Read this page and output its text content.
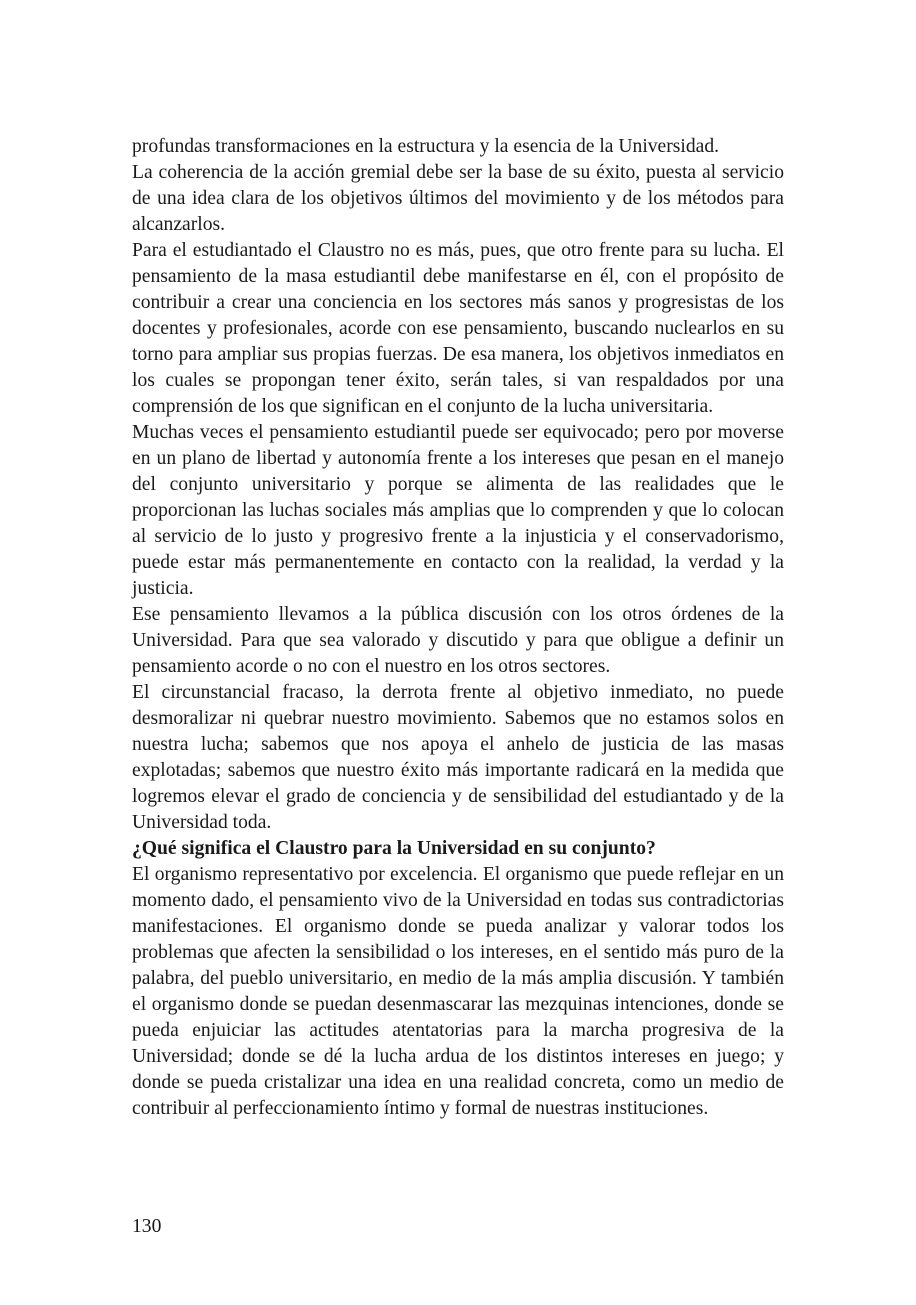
profundas transformaciones en la estructura y la esencia de la Universidad.

La coherencia de la acción gremial debe ser la base de su éxito, puesta al servicio de una idea clara de los objetivos últimos del movimiento y de los métodos para alcanzarlos.

Para el estudiantado el Claustro no es más, pues, que otro frente para su lucha. El pensamiento de la masa estudiantil debe manifestarse en él, con el propósito de contribuir a crear una conciencia en los sectores más sanos y progresistas de los docentes y profesionales, acorde con ese pensamiento, buscando nuclearlos en su torno para ampliar sus propias fuerzas. De esa manera, los objetivos inmediatos en los cuales se propongan tener éxito, serán tales, si van respaldados por una comprensión de los que significan en el conjunto de la lucha universitaria.

Muchas veces el pensamiento estudiantil puede ser equivocado; pero por moverse en un plano de libertad y autonomía frente a los intereses que pesan en el manejo del conjunto universitario y porque se alimenta de las realidades que le proporcionan las luchas sociales más amplias que lo comprenden y que lo colocan al servicio de lo justo y progresivo frente a la injusticia y el conservadorismo, puede estar más permanentemente en contacto con la realidad, la verdad y la justicia.

Ese pensamiento llevamos a la pública discusión con los otros órdenes de la Universidad. Para que sea valorado y discutido y para que obligue a definir un pensamiento acorde o no con el nuestro en los otros sectores.

El circunstancial fracaso, la derrota frente al objetivo inmediato, no puede desmoralizar ni quebrar nuestro movimiento. Sabemos que no estamos solos en nuestra lucha; sabemos que nos apoya el anhelo de justicia de las masas explotadas; sabemos que nuestro éxito más importante radicará en la medida que logremos elevar el grado de conciencia y de sensibilidad del estudiantado y de la Universidad toda.

¿Qué significa el Claustro para la Universidad en su conjunto?

El organismo representativo por excelencia. El organismo que puede reflejar en un momento dado, el pensamiento vivo de la Universidad en todas sus contradictorias manifestaciones. El organismo donde se pueda analizar y valorar todos los problemas que afecten la sensibilidad o los intereses, en el sentido más puro de la palabra, del pueblo universitario, en medio de la más amplia discusión. Y también el organismo donde se puedan desenmascarar las mezquinas intenciones, donde se pueda enjuiciar las actitudes atentatorias para la marcha progresiva de la Universidad; donde se dé la lucha ardua de los distintos intereses en juego; y donde se pueda cristalizar una idea en una realidad concreta, como un medio de contribuir al perfeccionamiento íntimo y formal de nuestras instituciones.

130
